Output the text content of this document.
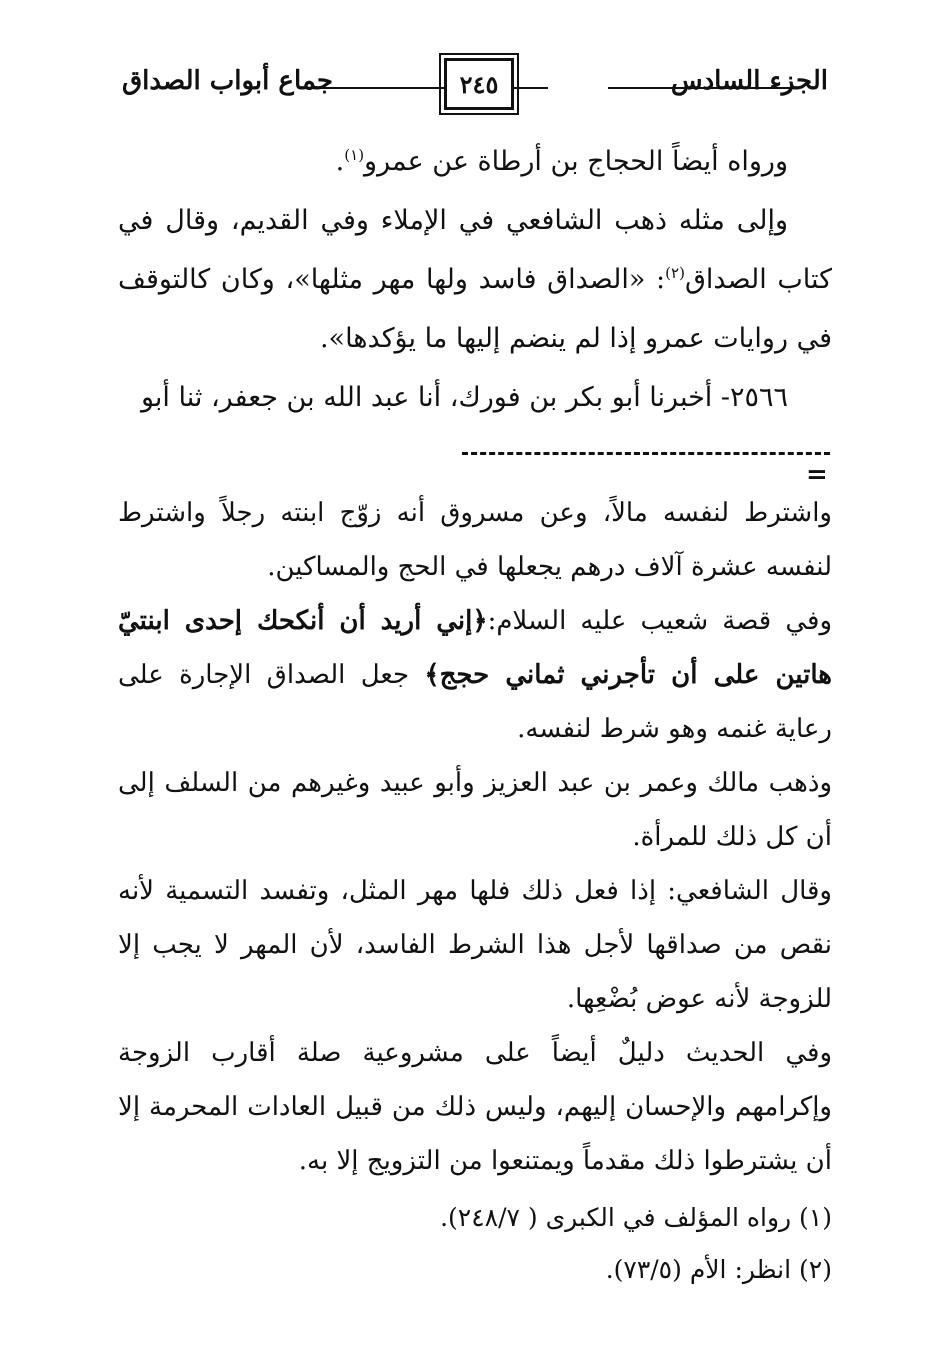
جماع أبواب الصداق	٢٤٥	الجزء السادس

ورواه أيضاً الحجاج بن أرطاة عن عمرو$^{(١)}$.

وإلى مثله ذهب الشافعي في الإملاء وفي القديم، وقال في كتاب الصداق$^{(٢)}$: «الصداق فاسد ولها مهر مثلها»، وكان كالتوقف في روايات عمرو إذا لم ينضم إليها ما يؤكدها».

٢٥٦٦- أخبرنا أبو بكر بن فورك، أنا عبد الله بن جعفر، ثنا أبو

=

واشترط لنفسه مالاً، وعن مسروق أنه زوّج ابنته رجلاً واشترط لنفسه عشرة آلاف درهم يجعلها في الحج والمساكين.

وفي قصة شعيب عليه السلام:﴿إني أريد أن أنكحك إحدى ابنتيّ هاتين على أن تأجرني ثماني حجج﴾ جعل الصداق الإجارة على رعاية غنمه وهو شرط لنفسه.

وذهب مالك وعمر بن عبد العزيز وأبو عبيد وغيرهم من السلف إلى أن كل ذلك للمرأة.

وقال الشافعي: إذا فعل ذلك فلها مهر المثل، وتفسد التسمية لأنه نقص من صداقها لأجل هذا الشرط الفاسد، لأن المهر لا يجب إلا للزوجة لأنه عوض بُضْعِها.

وفي الحديث دليلٌ أيضاً على مشروعية صلة أقارب الزوجة وإكرامهم والإحسان إليهم، وليس ذلك من قبيل العادات المحرمة إلا أن يشترطوا ذلك مقدماً ويمتنعوا من التزويج إلا به.

(١) رواه المؤلف في الكبرى ( ٢٤٨/٧).

(٢) انظر: الأم (٧٣/٥).
